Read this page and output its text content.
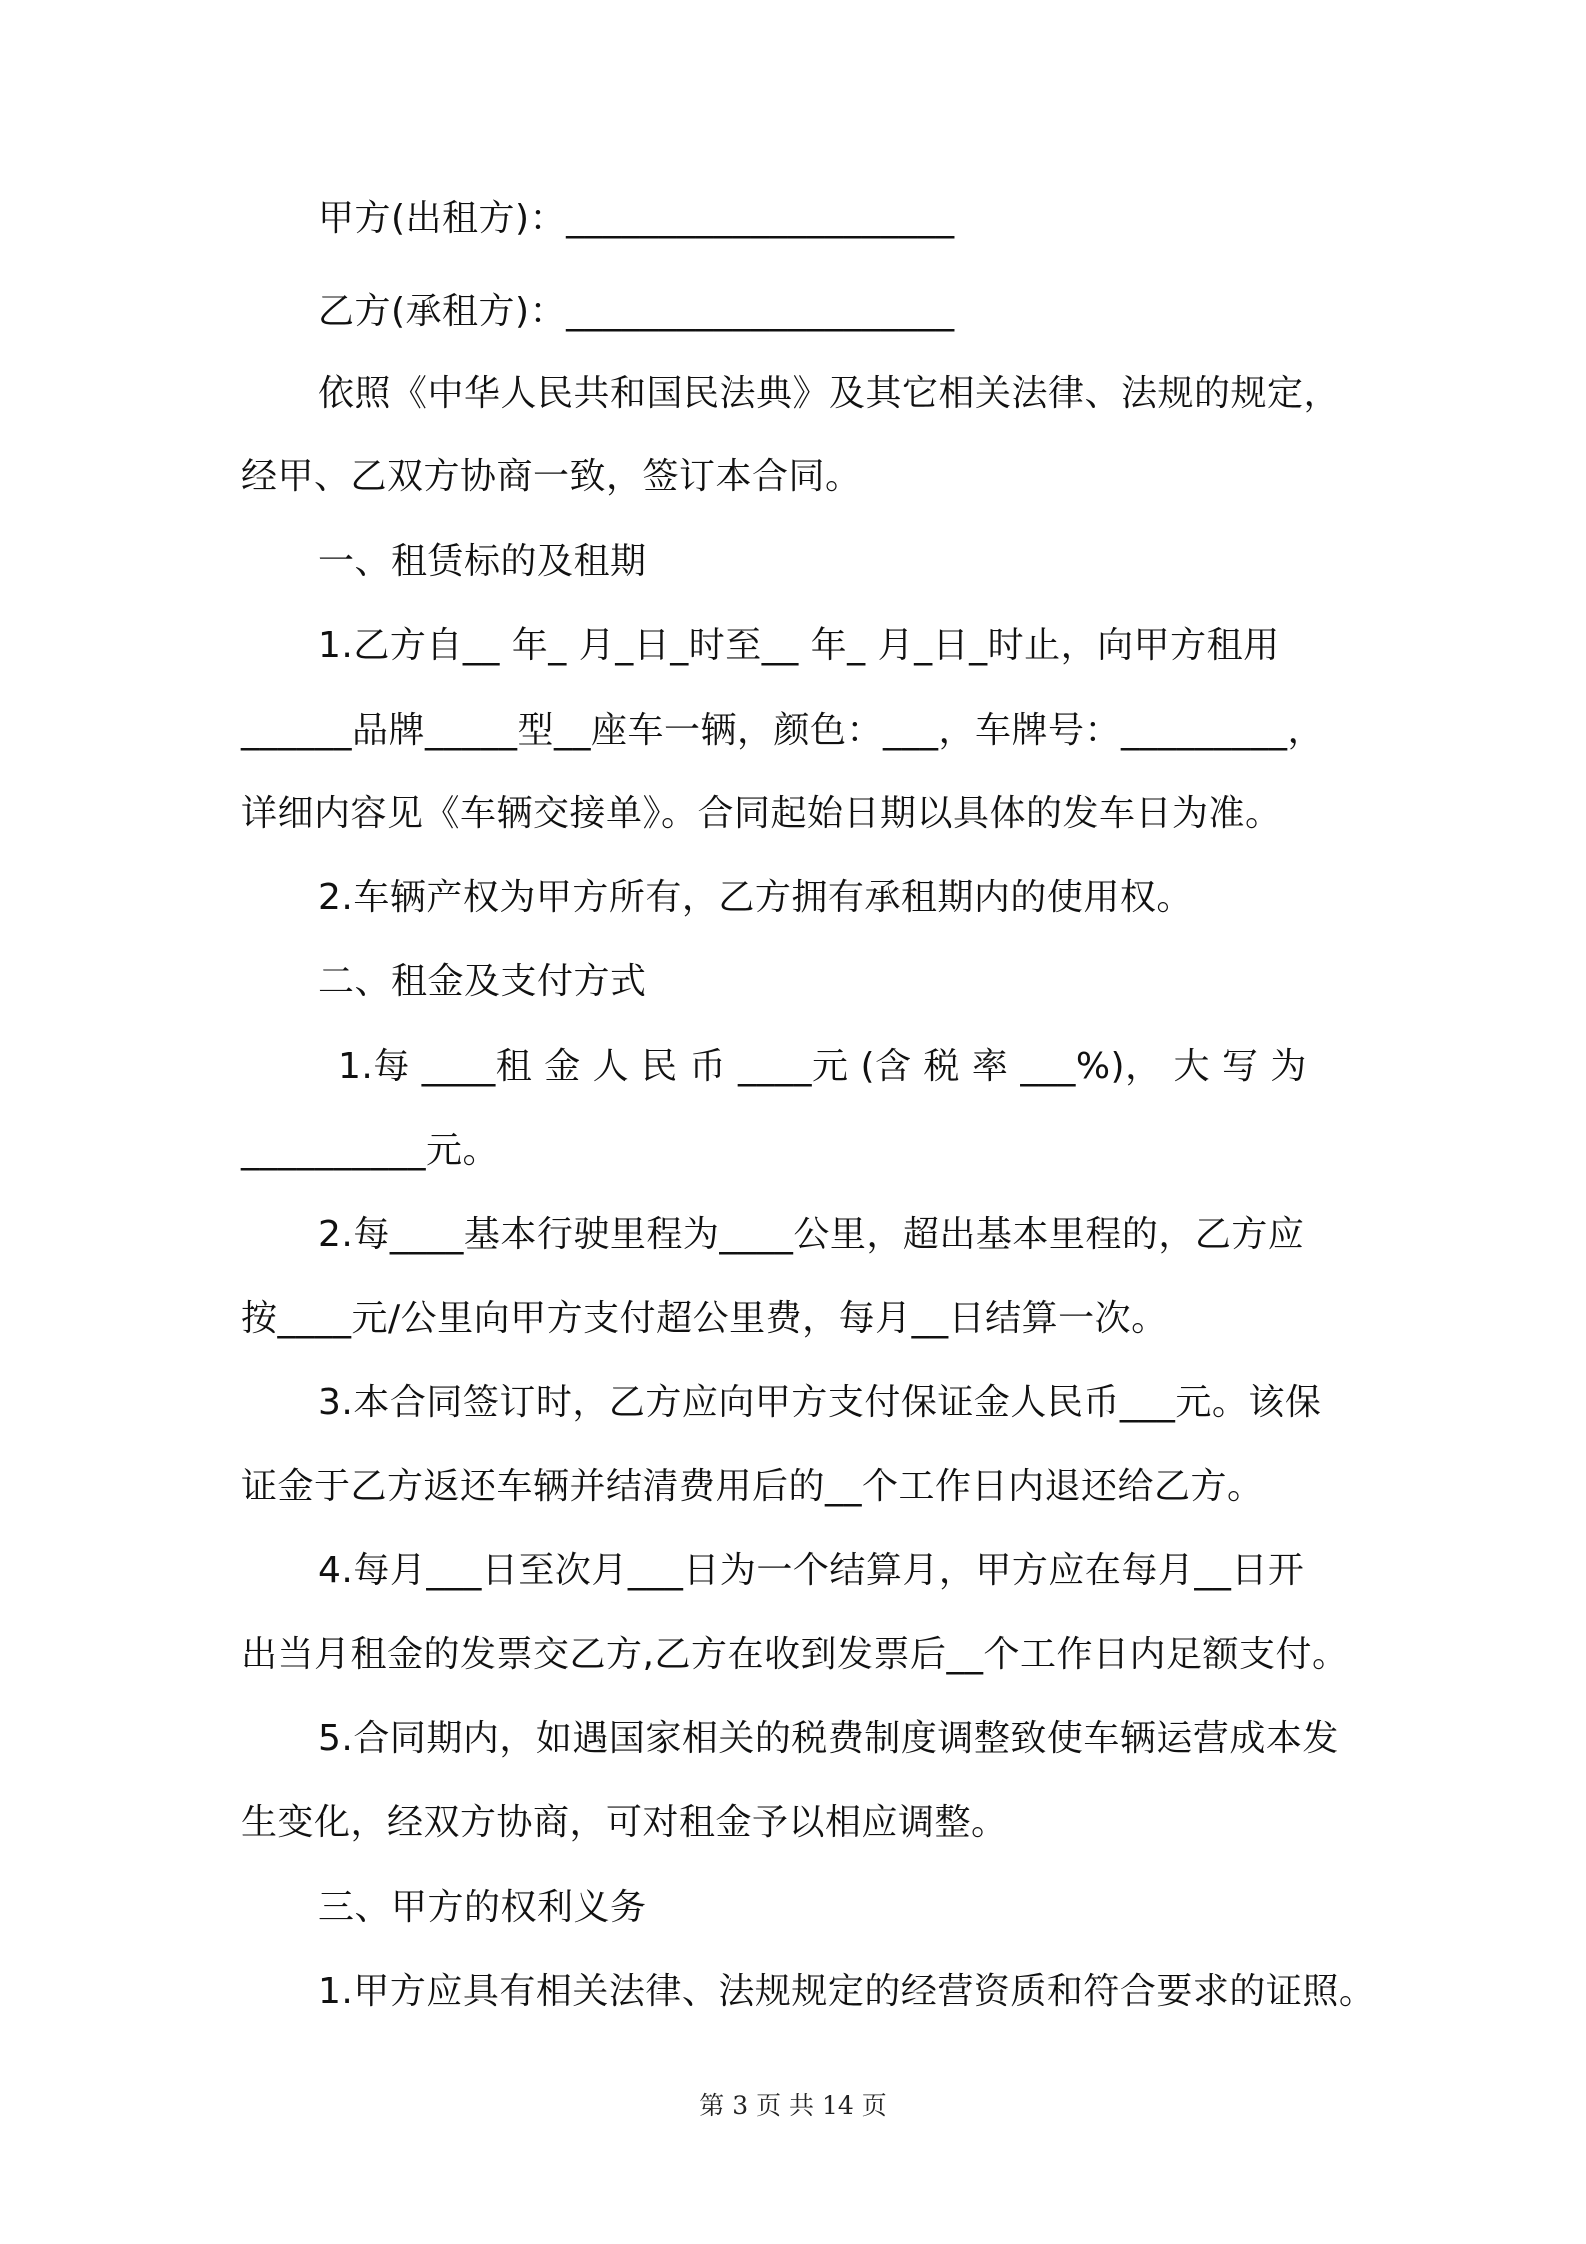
甲方(出租方)：_____________________
乙方(承租方)：_____________________
依照《中华人民共和国民法典》及其它相关法律、法规的规定，
经甲、乙双方协商一致，签订本合同。
一、租赁标的及租期
1.乙方自__ 年_ 月_日_时至__ 年_ 月_日_时止，向甲方租用
______品牌_____型__座车一辆，颜色：___，车牌号：_________，
详细内容见《车辆交接单》。合同起始日期以具体的发车日为准。
2.车辆产权为甲方所有，乙方拥有承租期内的使用权。
二、租金及支付方式
1.每 ____租 金 人 民 币 ____元 (含 税 率 ___%)， 大 写 为
__________元。
2.每____基本行驶里程为____公里，超出基本里程的，乙方应
按____元/公里向甲方支付超公里费，每月__日结算一次。
3.本合同签订时，乙方应向甲方支付保证金人民币___元。该保
证金于乙方返还车辆并结清费用后的__个工作日内退还给乙方。
4.每月___日至次月___日为一个结算月，甲方应在每月__日开
出当月租金的发票交乙方,乙方在收到发票后__个工作日内足额支付。
5.合同期内，如遇国家相关的税费制度调整致使车辆运营成本发
生变化，经双方协商，可对租金予以相应调整。
三、甲方的权利义务
1.甲方应具有相关法律、法规规定的经营资质和符合要求的证照。
第 3 页 共 14 页
